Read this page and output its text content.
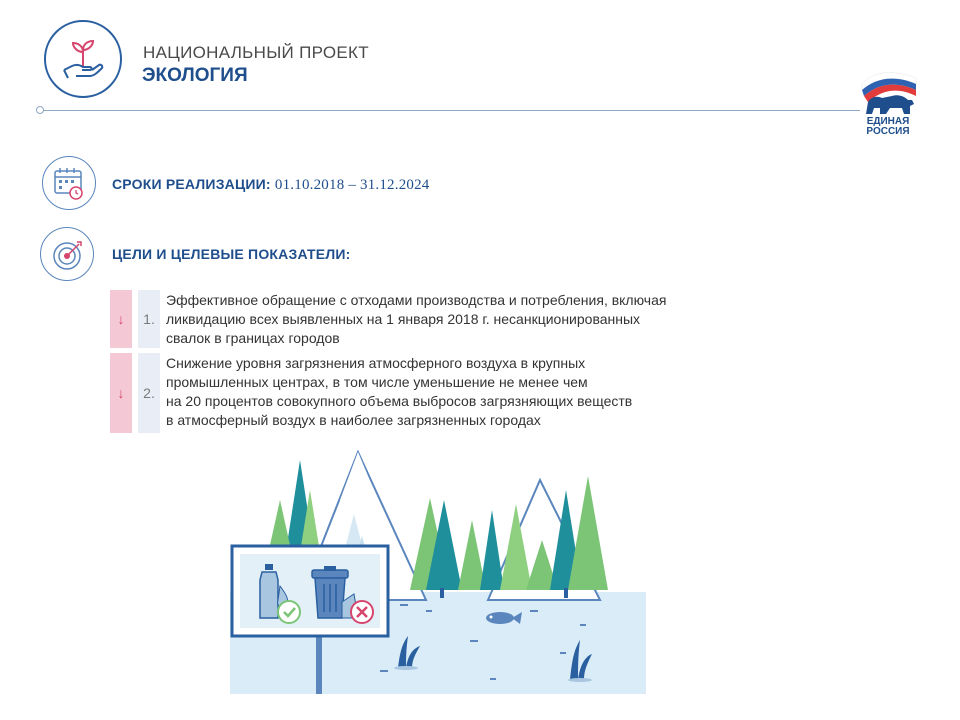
НАЦИОНАЛЬНЫЙ ПРОЕКТ
ЭКОЛОГИЯ
ЕДИНАЯ
РОССИЯ
СРОКИ РЕАЛИЗАЦИИ: 01.10.2018 – 31.12.2024
ЦЕЛИ И ЦЕЛЕВЫЕ ПОКАЗАТЕЛИ:
↓	1.
Эффективное обращение с отходами производства и потребления, включая
ликвидацию всех выявленных на 1 января 2018 г. несанкционированных
свалок в границах городов
↓	2.
Снижение уровня загрязнения атмосферного воздуха в крупных
промышленных центрах, в том числе уменьшение не менее чем
на 20 процентов совокупного объема выбросов загрязняющих веществ
в атмосферный воздух в наиболее загрязненных городах
